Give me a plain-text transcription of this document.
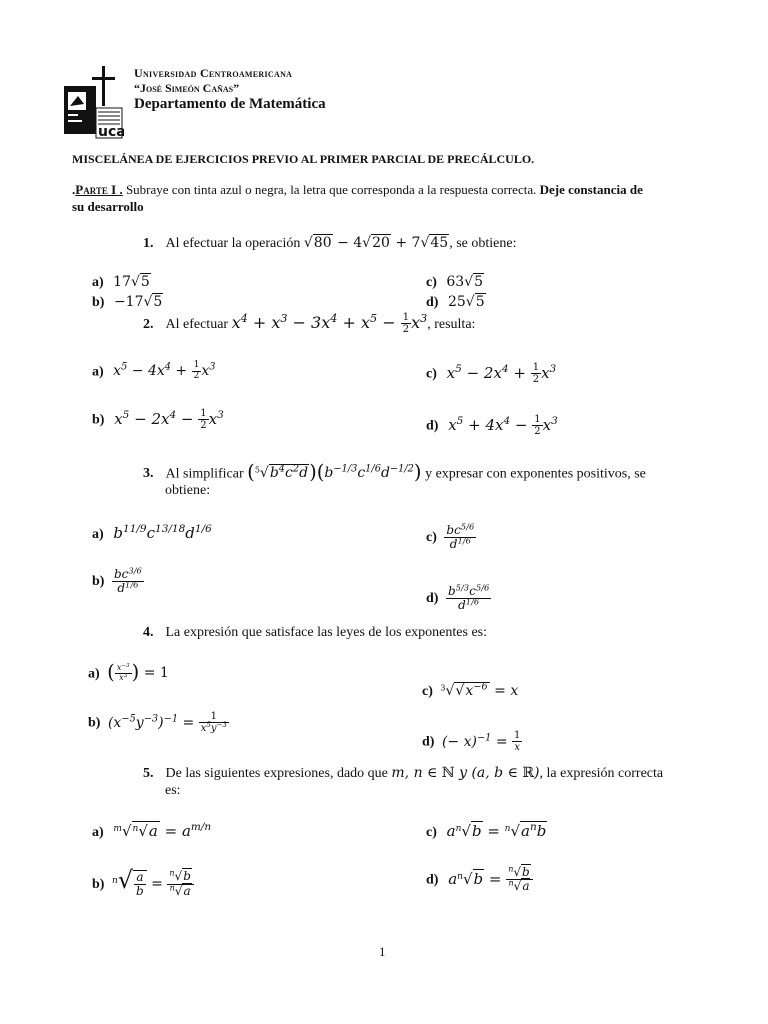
uca
Universidad Centroamericana
“José Simeón Cañas”
Departamento de Matemática
MISCELÁNEA DE EJERCICIOS PREVIO AL PRIMER PARCIAL DE PRECÁLCULO.
.Parte I . Subraye con tinta azul o negra, la letra que corresponda a la respuesta correcta. Deje constancia de
su desarrollo
1. Al efectuar la operación √80 − 4√20 + 7√45, se obtiene:
a) 17√5
b) −17√5
c) 63√5
d) 25√5
2. Al efectuar $x^4 + x^3 - 3x^4 + x^5 - \frac{1}{2} x^3$, resulta:
a) $x^5 - 4x^4 + \frac{1}{2} x^3$
b) $x^5 - 2x^4 - \frac{1}{2} x^3$
c) $x^5 - 2x^4 + \frac{1}{2} x^3$
d) $x^5 + 4x^4 - \frac{1}{2} x^3$
3. Al simplificar $(^5√b^4c^2d)(b^{-1/3}c^{1/6}d^{-1/2})$ y expresar con exponentes positivos, se
obtiene:
a) $b^{11/9}c^{13/18}d^{1/6}$
$b) \frac{bc^{3/6}}{d^{1/6}}$
$c) \frac{bc^{5/6}}{d^{1/6}}$
$d) \frac{b^{5/3}c^{5/6}}{d^{1/6}}$
4. La expresión que satisface las leyes de los exponentes es:
a) ( $\frac{x^{-3}}{x^3}$ ) = 1
b) $(x^{-5}y^{-3})^{-1} = \frac{1}{x^5y^{-3}}$
c) $^3√√x^{-6} = x$
d) (− $x)^{-1} = \frac{1}{x}$
5. De las siguientes expresiones, dado que m, n ∈ ℕ y (a, b ∈ ℝ), la expresión correcta
es:
a) $^m√^n√a = a^{m/n}$
b) $^n√ \frac{a}{b} = \frac{^n√b}{^n√a}$
c) $a^n√b = ^n√a^nb$
d) $a^n√b = \frac{^n√b}{^n√a}$
1
